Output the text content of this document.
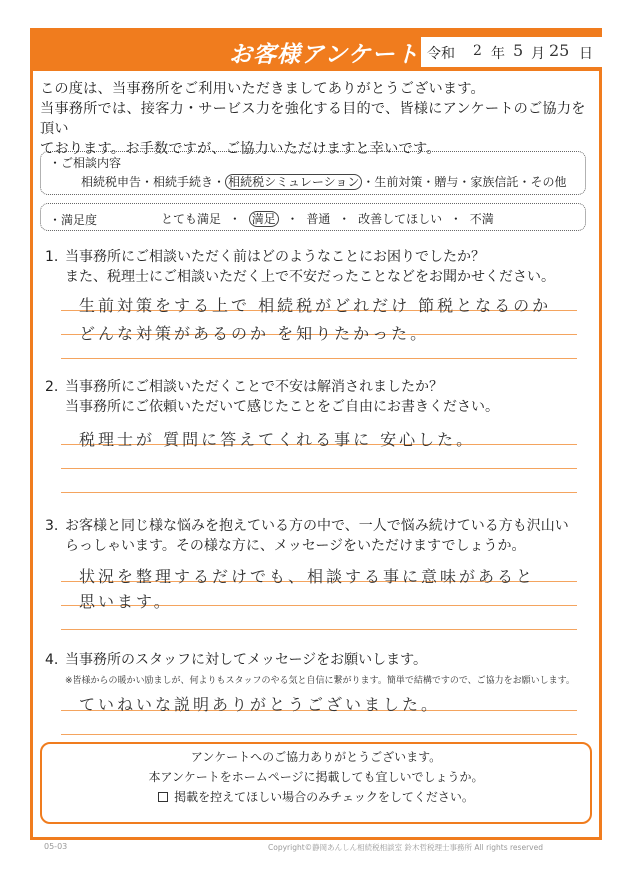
お客様アンケート 令和 2 年 5 月 25 日
この度は、当事務所をご利用いただきましてありがとうございます。
当事務所では、接客力・サービス力を強化する目的で、皆様にアンケートのご協力を頂い
ております。お手数ですが、ご協力いただけますと幸いです。
・ご相談内容
相続税申告・相続手続き・ 相続税シミュレーション ・生前対策・贈与・家族信託・その他
・満足度	とても満足 ・ 満足 ・ 普通 ・ 改善してほしい ・ 不満
1. 当事務所にご相談いただく前はどのようなことにお困りでしたか？
また、税理士にご相談いただく上で不安だったことなどをお聞かせください。
生前対策をする上で 相続税がどれだけ 節税となるのか
どんな対策があるのか を知りたかった。
2. 当事務所にご相談いただくことで不安は解消されましたか？
当事務所にご依頼いただいて感じたことをご自由にお書きください。
税理士が 質問に答えてくれる事に 安心した。
3. お客様と同じ様な悩みを抱えている方の中で、一人で悩み続けている方も沢山い
らっしゃいます。その様な方に、メッセージをいただけますでしょうか。
状況を整理するだけでも、相談する事に意味があると
思います。
4. 当事務所のスタッフに対してメッセージをお願いします。
※皆様からの暖かい励ましが、何よりもスタッフのやる気と自信に繋がります。簡単で結構ですので、ご協力をお願いします。
ていねいな説明ありがとうございました。
アンケートへのご協力ありがとうございます。
本アンケートをホームページに掲載しても宜しいでしょうか。
掲載を控えてほしい場合のみチェックをしてください。
05-03	Copyright©静岡あんしん相続税相談室 鈴木哲税理士事務所 All rights reserved
